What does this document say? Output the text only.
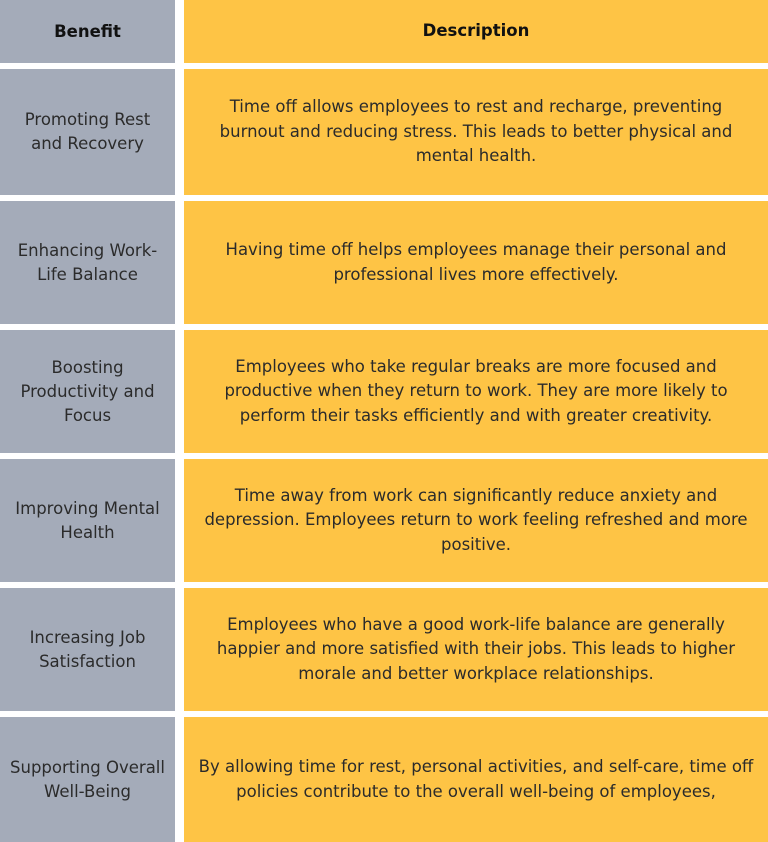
Benefit	Description
Promoting Rest and Recovery
Time off allows employees to rest and recharge, preventing burnout and reducing stress. This leads to better physical and mental health.
Enhancing Work-Life Balance
Having time off helps employees manage their personal and professional lives more effectively.
Boosting Productivity and Focus
Employees who take regular breaks are more focused and productive when they return to work. They are more likely to perform their tasks efficiently and with greater creativity.
Improving Mental Health
Time away from work can significantly reduce anxiety and depression. Employees return to work feeling refreshed and more positive.
Increasing Job Satisfaction
Employees who have a good work-life balance are generally happier and more satisfied with their jobs. This leads to higher morale and better workplace relationships.
Supporting Overall Well-Being
By allowing time for rest, personal activities, and self-care, time off policies contribute to the overall well-being of employees,
